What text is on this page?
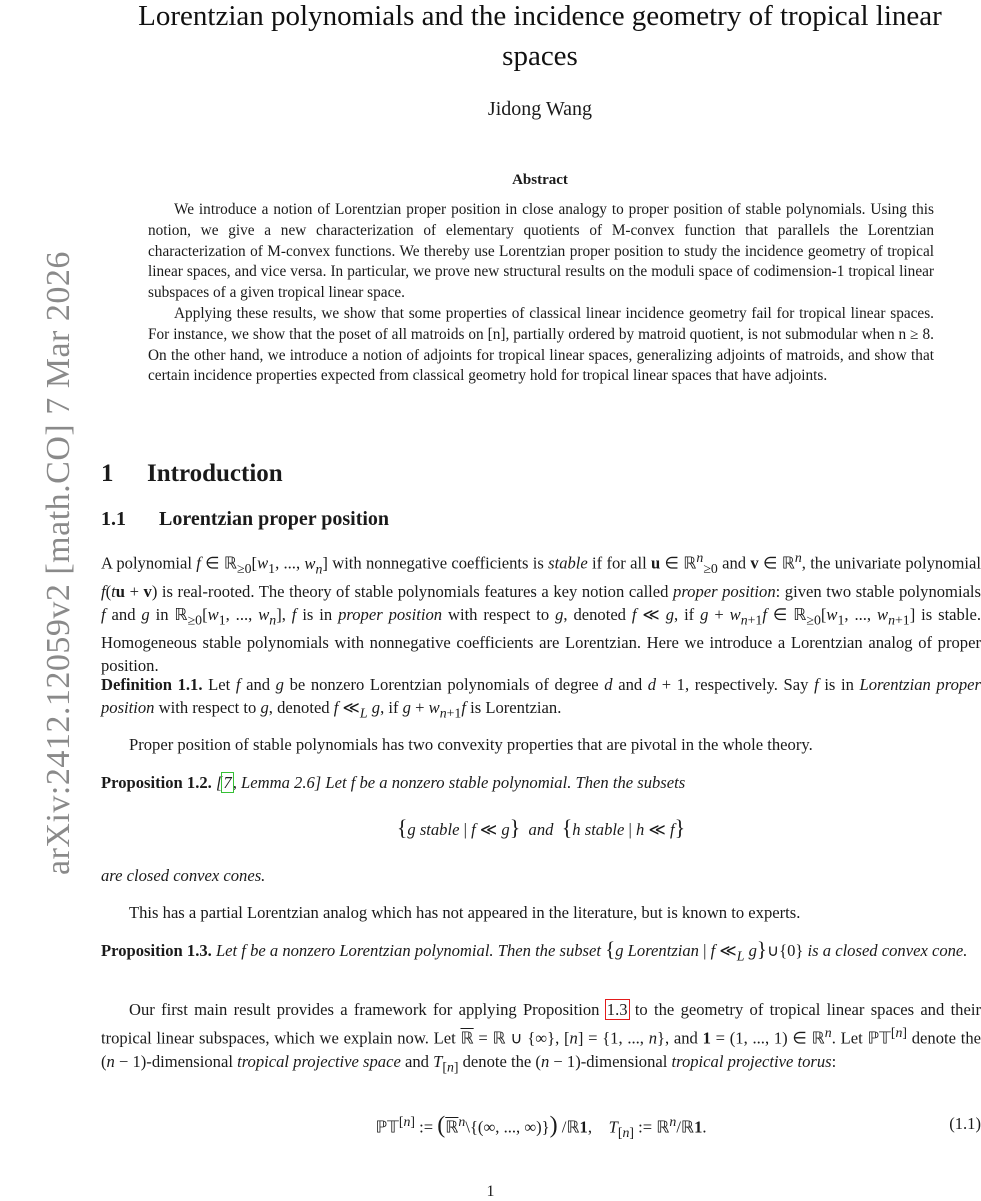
arXiv:2412.12059v2 [math.CO] 7 Mar 2026
Lorentzian polynomials and the incidence geometry of tropical linear spaces
Jidong Wang
Abstract

We introduce a notion of Lorentzian proper position in close analogy to proper position of stable polynomials. Using this notion, we give a new characterization of elementary quotients of M-convex function that parallels the Lorentzian characterization of M-convex functions. We thereby use Lorentzian proper position to study the incidence geometry of tropical linear spaces, and vice versa. In particular, we prove new structural results on the moduli space of codimension-1 tropical linear subspaces of a given tropical linear space.

Applying these results, we show that some properties of classical linear incidence geometry fail for tropical linear spaces. For instance, we show that the poset of all matroids on [n], partially ordered by matroid quotient, is not submodular when n ≥ 8. On the other hand, we introduce a notion of adjoints for tropical linear spaces, generalizing adjoints of matroids, and show that certain incidence properties expected from classical geometry hold for tropical linear spaces that have adjoints.

1 Introduction
1.1 Lorentzian proper position

A polynomial f ∈ $ℝ_{\ge 0}[w_1$, ..., $w_n$] with nonnegative coefficients is stable if for all u ∈ ℝ$^n_{\ge 0}$ and v ∈ ℝ$^n$, the univariate polynomial f(tu + v) is real-rooted. The theory of stable polynomials features a key notion called proper position: given two stable polynomials f and g in $ℝ_{\ge 0}[w_1$, ..., $w_n$], f is in proper position with respect to g, denoted f ≪ g, if $g + w_{n+1}f$ ∈ $ℝ_{\ge 0}[w_1$, ..., $w_{n+1}$] is stable. Homogeneous stable polynomials with nonnegative coefficients are Lorentzian. Here we introduce a Lorentzian analog of proper position.

Definition 1.1. Let f and g be nonzero Lorentzian polynomials of degree d and d + 1, respectively. Say f is in Lorentzian proper position with respect to g, denoted f $≪_L$ g, if $g + w_{n+1}f$ is Lorentzian.

Proper position of stable polynomials has two convexity properties that are pivotal in the whole theory.

Proposition 1.2. [7, Lemma 2.6] Let f be a nonzero stable polynomial. Then the subsets

{g stable | f ≪ g} and {h stable | h ≪ f}
are closed convex cones.

This has a partial Lorentzian analog which has not appeared in the literature, but is known to experts.

Proposition 1.3. Let f be a nonzero Lorentzian polynomial. Then the subset {g Lorentzian | f $≪_L$ g}∪{0} is a closed convex cone.

Our first main result provides a framework for applying Proposition 1.3 to the geometry of tropical linear spaces and their tropical linear subspaces, which we explain now. Let ℝ = ℝ ∪ {∞}, [n] = {1, ..., n}, and 1 = (1, ..., 1) ∈ ℝ$^n$. Let ℙ𝕋[n] denote the (n − 1)-dimensional tropical projective space and $T_{[n]}$ denote the (n − 1)-dimensional tropical projective torus:

ℙ𝕋[n] := (ℝ$^n$\{(∞, ..., ∞)}) /ℝ1,    $T_{[n]}$ := ℝ$^n$/ℝ1.	(1.1)
1
